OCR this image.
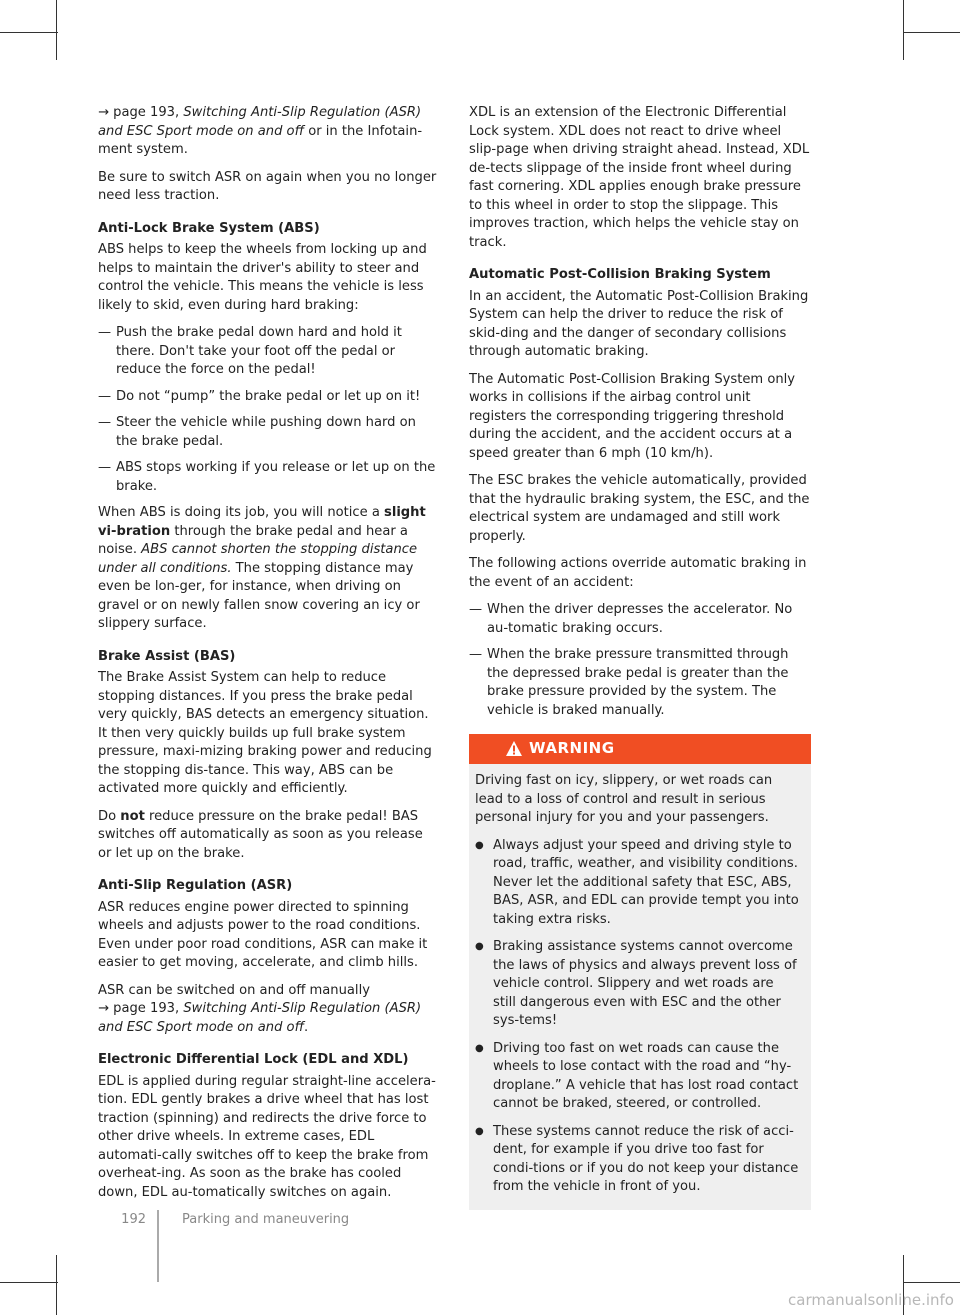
→ page 193, Switching Anti-Slip Regulation (ASR) and ESC Sport mode on and off or in the Infotain-ment system.

Be sure to switch ASR on again when you no longer need less traction.

Anti-Lock Brake System (ABS)

ABS helps to keep the wheels from locking up and helps to maintain the driver's ability to steer and control the vehicle. This means the vehicle is less likely to skid, even during hard braking:

— Push the brake pedal down hard and hold it there. Don't take your foot off the pedal or reduce the force on the pedal!
— Do not “pump” the brake pedal or let up on it!
— Steer the vehicle while pushing down hard on the brake pedal.
— ABS stops working if you release or let up on the brake.

When ABS is doing its job, you will notice a slight vi-bration through the brake pedal and hear a noise. ABS cannot shorten the stopping distance under all conditions. The stopping distance may even be lon-ger, for instance, when driving on gravel or on newly fallen snow covering an icy or slippery surface.

Brake Assist (BAS)

The Brake Assist System can help to reduce stopping distances. If you press the brake pedal very quickly, BAS detects an emergency situation. It then very quickly builds up full brake system pressure, maxi-mizing braking power and reducing the stopping dis-tance. This way, ABS can be activated more quickly and efficiently.

Do not reduce pressure on the brake pedal! BAS switches off automatically as soon as you release or let up on the brake.

Anti-Slip Regulation (ASR)

ASR reduces engine power directed to spinning wheels and adjusts power to the road conditions. Even under poor road conditions, ASR can make it easier to get moving, accelerate, and climb hills.

ASR can be switched on and off manually
→ page 193, Switching Anti-Slip Regulation (ASR) and ESC Sport mode on and off.

Electronic Differential Lock (EDL and XDL)

EDL is applied during regular straight-line accelera-tion. EDL gently brakes a drive wheel that has lost traction (spinning) and redirects the drive force to other drive wheels. In extreme cases, EDL automati-cally switches off to keep the brake from overheat-ing. As soon as the brake has cooled down, EDL au-tomatically switches on again.

XDL is an extension of the Electronic Differential Lock system. XDL does not react to drive wheel slip-page when driving straight ahead. Instead, XDL de-tects slippage of the inside front wheel during fast cornering. XDL applies enough brake pressure to this wheel in order to stop the slippage. This improves traction, which helps the vehicle stay on track.

Automatic Post-Collision Braking System

In an accident, the Automatic Post-Collision Braking System can help the driver to reduce the risk of skid-ding and the danger of secondary collisions through automatic braking.

The Automatic Post-Collision Braking System only works in collisions if the airbag control unit registers the corresponding triggering threshold during the accident, and the accident occurs at a speed greater than 6 mph (10 km/h).

The ESC brakes the vehicle automatically, provided that the hydraulic braking system, the ESC, and the electrical system are undamaged and still work properly.

The following actions override automatic braking in the event of an accident:

— When the driver depresses the accelerator. No au-tomatic braking occurs.
— When the brake pressure transmitted through the depressed brake pedal is greater than the brake pressure provided by the system. The vehicle is braked manually.
WARNING

Driving fast on icy, slippery, or wet roads can lead to a loss of control and result in serious personal injury for you and your passengers.

● Always adjust your speed and driving style to road, traffic, weather, and visibility conditions. Never let the additional safety that ESC, ABS, BAS, ASR, and EDL can provide tempt you into taking extra risks.
● Braking assistance systems cannot overcome the laws of physics and always prevent loss of vehicle control. Slippery and wet roads are still dangerous even with ESC and the other sys-tems!
● Driving too fast on wet roads can cause the wheels to lose contact with the road and “hy-droplane.” A vehicle that has lost road contact cannot be braked, steered, or controlled.
● These systems cannot reduce the risk of acci-dent, for example if you drive too fast for condi-tions or if you do not keep your distance from the vehicle in front of you.
192	Parking and maneuvering
carmanualsonline.info
